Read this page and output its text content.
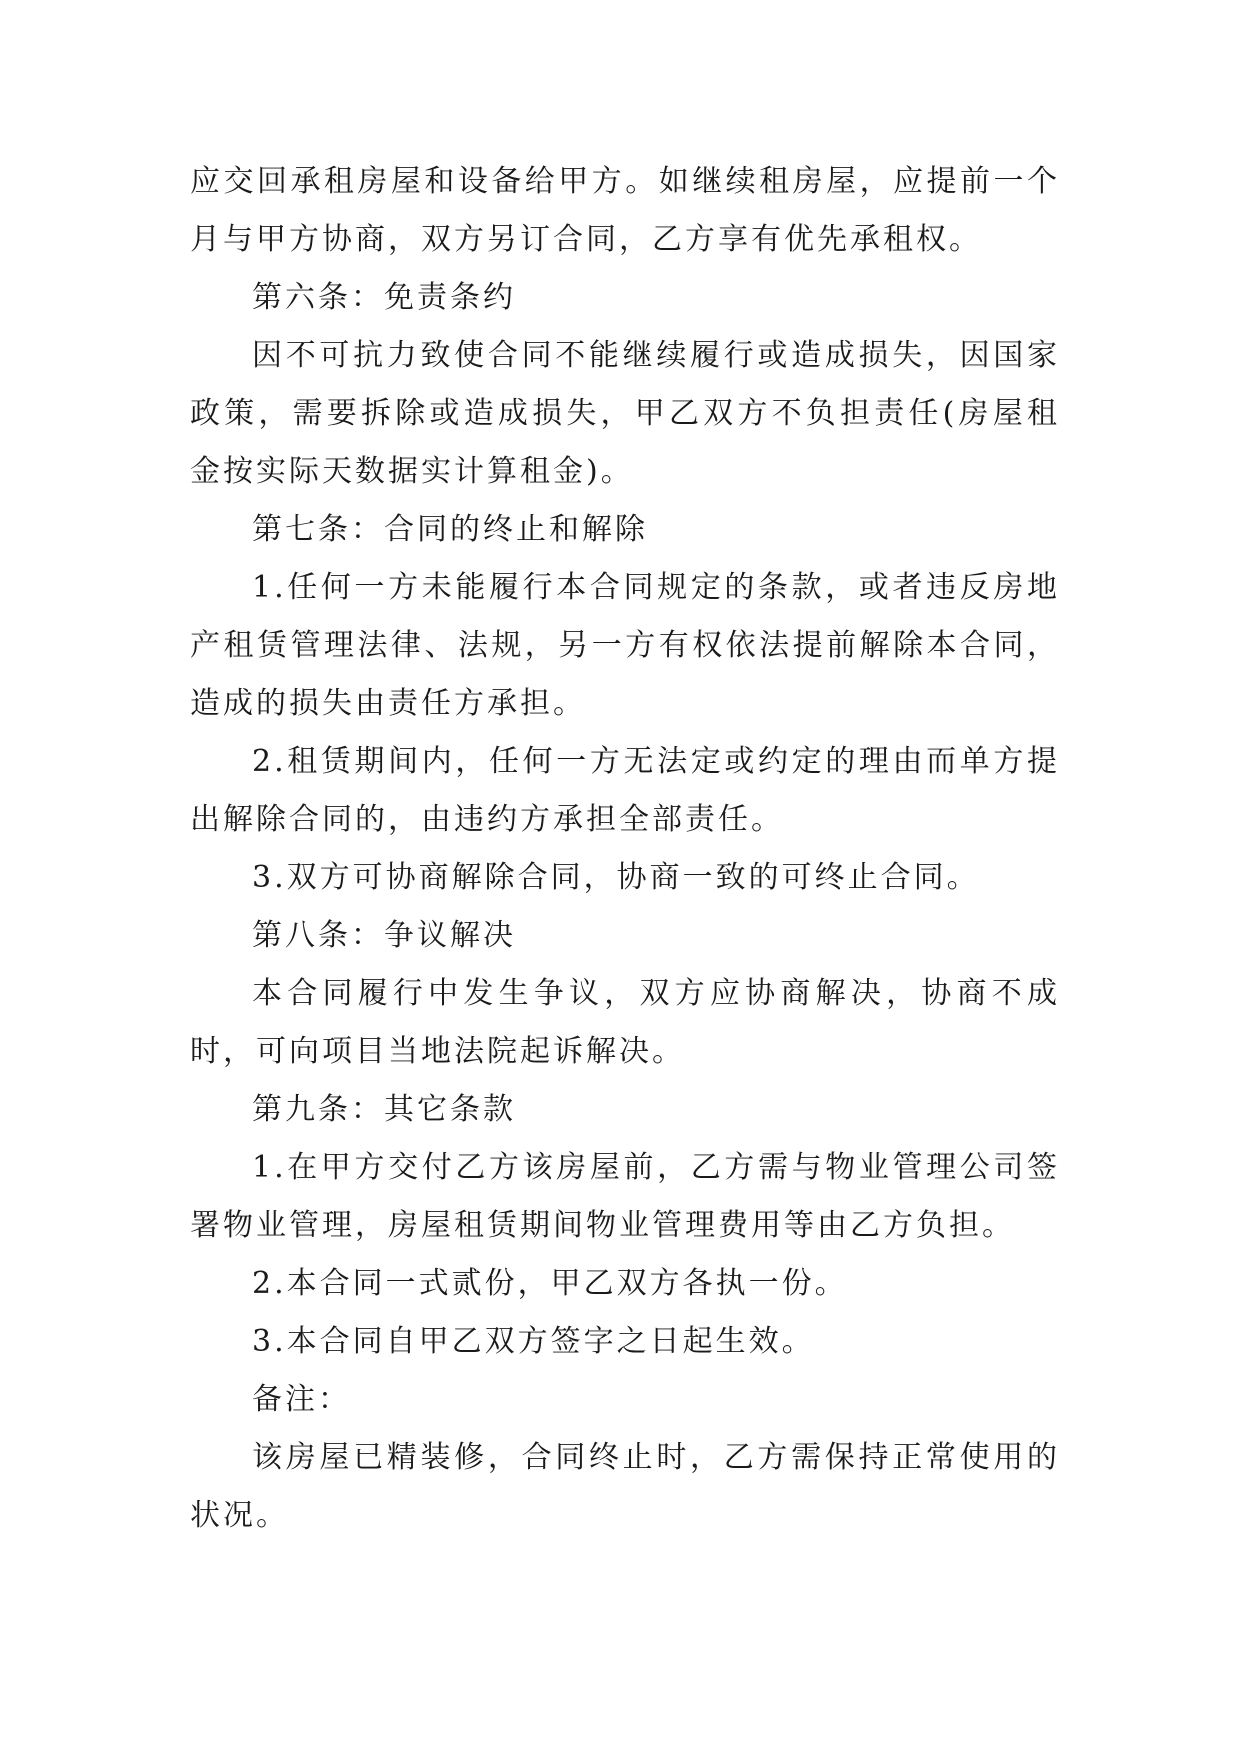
应交回承租房屋和设备给甲方。如继续租房屋，应提前一个月与甲方协商，双方另订合同，乙方享有优先承租权。

第六条：免责条约

因不可抗力致使合同不能继续履行或造成损失，因国家政策，需要拆除或造成损失，甲乙双方不负担责任(房屋租金按实际天数据实计算租金)。

第七条：合同的终止和解除

1.任何一方未能履行本合同规定的条款，或者违反房地产租赁管理法律、法规，另一方有权依法提前解除本合同，造成的损失由责任方承担。

2.租赁期间内，任何一方无法定或约定的理由而单方提出解除合同的，由违约方承担全部责任。

3.双方可协商解除合同，协商一致的可终止合同。

第八条：争议解决

本合同履行中发生争议，双方应协商解决，协商不成时，可向项目当地法院起诉解决。

第九条：其它条款

1.在甲方交付乙方该房屋前，乙方需与物业管理公司签署物业管理，房屋租赁期间物业管理费用等由乙方负担。

2.本合同一式贰份，甲乙双方各执一份。

3.本合同自甲乙双方签字之日起生效。

备注：

该房屋已精装修，合同终止时，乙方需保持正常使用的状况。
